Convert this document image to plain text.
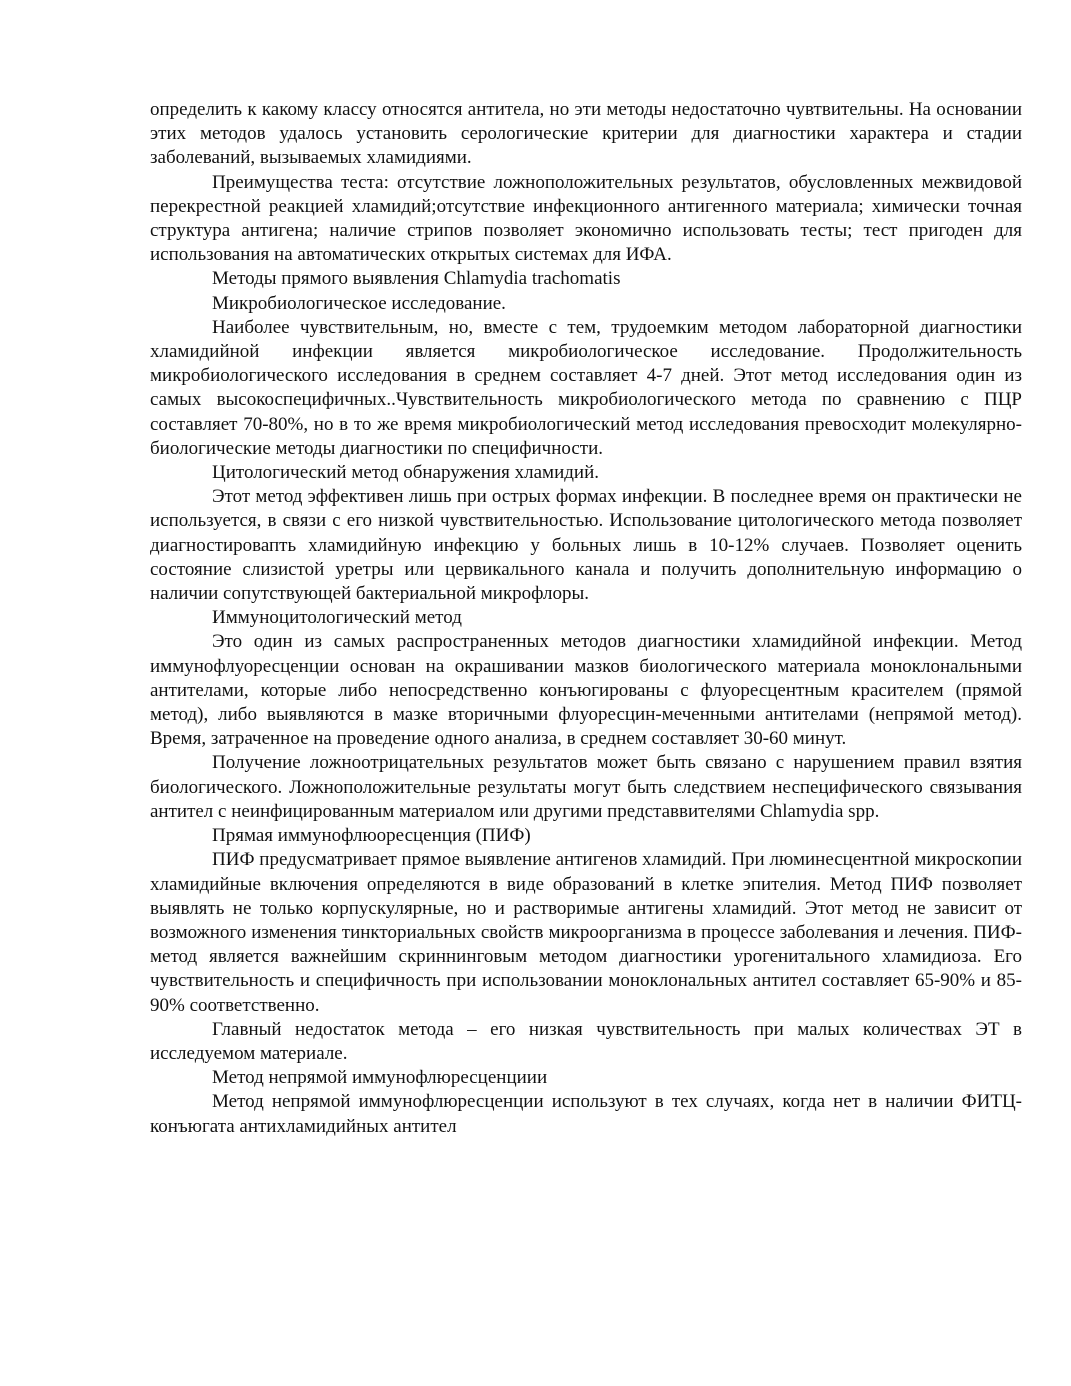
определить к какому классу относятся антитела, но эти методы недостаточно чувтвительны. На основании этих методов удалось установить серологические критерии для диагностики характера и стадии заболеваний, вызываемых хламидиями.

Преимущества теста: отсутствие ложноположительных результатов, обусловленных межвидовой перекрестной реакцией хламидий;отсутствие инфекционного антигенного материала; химически точная структура антигена; наличие стрипов позволяет экономично использовать тесты; тест пригоден для использования на автоматических открытых системах для ИФА.

Методы прямого выявления Chlamydia trachomatis

Микробиологическое исследование.

Наиболее чувствительным, но, вместе с тем, трудоемким методом лабораторной диагностики хламидийной инфекции является микробиологическое исследование. Продолжительность микробиологического исследования в среднем составляет 4-7 дней. Этот метод исследования один из самых высокоспецифичных..Чувствительность микробиологического метода по сравнению с ПЦР составляет 70-80%, но в то же время микробиологический метод исследования превосходит молекулярно-биологические методы диагностики по специфичности.

Цитологический метод обнаружения хламидий.

Этот метод эффективен лишь при острых формах инфекции. В последнее время он практически не используется, в связи с его низкой чувствительностью. Использование цитологического метода позволяет диагностировапть хламидийную инфекцию у больных лишь в 10-12% случаев. Позволяет оценить состояние слизистой уретры или цервикального канала и получить дополнительную информацию о наличии сопутствующей бактериальной микрофлоры.

Иммуноцитологический метод

Это один из самых распространенных методов диагностики хламидийной инфекции. Метод иммунофлуоресценции основан на окрашивании мазков биологического материала моноклональными антителами, которые либо непосредственно конъюгированы с флуоресцентным красителем (прямой метод), либо выявляются в мазке вторичными флуоресцин-меченными антителами (непрямой метод). Время, затраченное на проведение одного анализа, в среднем составляет 30-60 минут.

Получение ложноотрицательных результатов может быть связано с нарушением правил взятия биологического. Ложноположительные результаты могут быть следствием неспецифического связывания антител с неинфицированным материалом или другими представвителями Chlamydia spp.

Прямая иммунофлюоресценция (ПИФ)

ПИФ предусматривает прямое выявление антигенов хламидий. При люминесцентной микроскопии хламидийные включения определяются в виде образований в клетке эпителия. Метод ПИФ позволяет выявлять не только корпускулярные, но и растворимые антигены хламидий. Этот метод не зависит от возможного изменения тинкториальных свойств микроорганизма в процессе заболевания и лечения. ПИФ-метод является важнейшим скриннинговым методом диагностики урогенитального хламидиоза. Его чувствительность и специфичность при использовании моноклональных антител составляет 65-90% и 85-90% соответственно.

Главный недостаток метода – его низкая чувствительность при малых количествах ЭТ в исследуемом материале.

Метод непрямой иммунофлюресценциии

Метод непрямой иммунофлюресценции используют в тех случаях, когда нет в наличии ФИТЦ-конъюгата антихламидийных антител
